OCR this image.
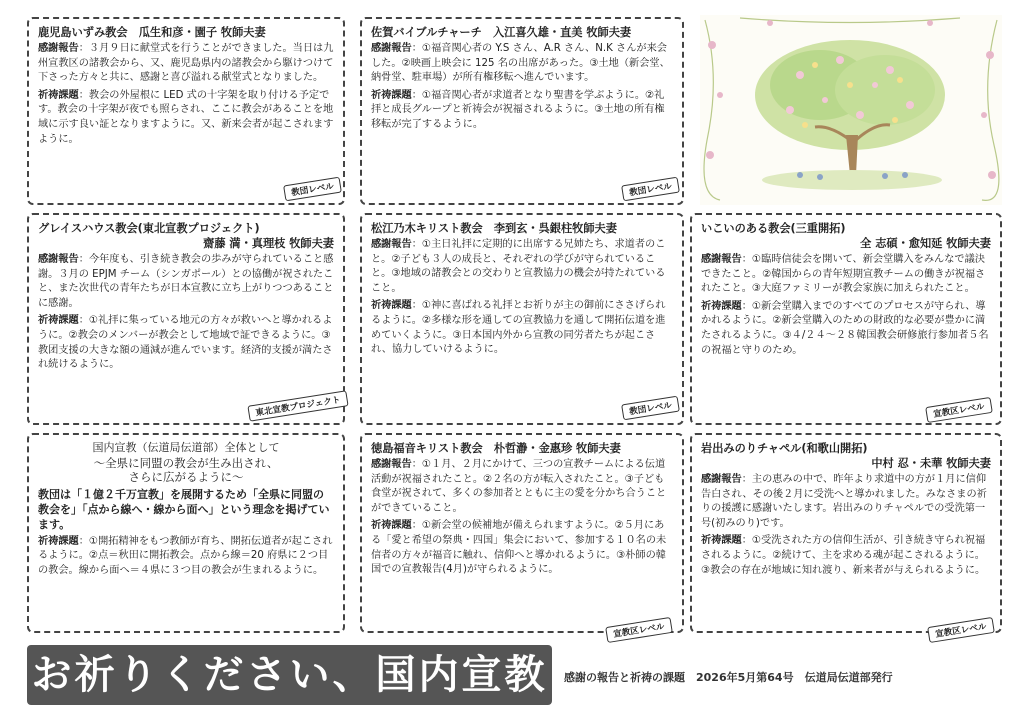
鹿児島いずみ教会　瓜生和彦・園子 牧師夫妻

感謝報告：３月９日に献堂式を行うことができました。当日は九州宣教区の諸教会から、又、鹿児島県内の諸教会から駆けつけて下さった方々と共に、感謝と喜び溢れる献堂式となりました。

祈祷課題：教会の外屋根に LED 式の十字架を取り付ける予定です。教会の十字架が夜でも照らされ、ここに教会があることを地域に示す良い証となりますように。又、新来会者が起こされますように。

教団レベル
佐賀バイブルチャーチ　入江喜久雄・直美 牧師夫妻

感謝報告：①福音関心者の Y.S さん、A.R さん、N.K さんが来会した。②映画上映会に 125 名の出席があった。③土地（新会堂、納骨堂、駐車場）が所有権移転へ進んでいます。

祈祷課題：①福音関心者が求道者となり聖書を学ぶように。②礼拝と成長グループと祈祷会が祝福されるように。③土地の所有権移転が完了するように。

教団レベル
グレイスハウス教会(東北宣教プロジェクト)
齋藤 満・真理枝 牧師夫妻

感謝報告：今年度も、引き続き教会の歩みが守られていること感謝。３月の EPJM チーム（シンガポール）との協働が祝されたこと、また次世代の青年たちが日本宣教に立ち上がりつつあることに感謝。

祈祷課題：①礼拝に集っている地元の方々が救いへと導かれるように。②教会のメンバーが教会として地域で証できるように。③教团支援の大きな額の通減が進んでいます。経済的支援が満たされ続けるように。

東北宣教プロジェクト
松江乃木キリスト教会　李到玄・呉銀柱牧師夫妻

感謝報告：①主日礼拝に定期的に出席する兄姉たち、求道者のこと。②子ども３人の成長と、それぞれの学びが守られていること。③地域の諸教会との交わりと宣教協力の機会が持たれていること。

祈祷課題：①神に喜ばれる礼拝とお祈りが主の御前にささげられるように。②多様な形を通しての宣教協力を通して開拓伝道を進めていくように。③日本国内外から宣教の同労者たちが起こされ、協力していけるように。

教団レベル
いこいのある教会(三重開拓)
全 志碩・愈知延 牧師夫妻

感謝報告：①臨時信徒会を開いて、新会堂購入をみんなで議決できたこと。②韓国からの青年短期宣教チームの働きが祝福されたこと。③大庭ファミリーが教会家族に加えられたこと。

祈祷課題：①新会堂購入までのすべてのプロセスが守られ、導かれるように。②新会堂購入のための財政的な必要が豊かに満たされるように。③４/２４～２８韓国教会研修旅行参加者５名の祝福と守りのため。

宣教区レベル
国内宣教（伝道局伝道部）全体として
～全県に同盟の教会が生み出され、
さらに広がるように～

教団は「１億２千万宣教」を展開するため「全県に同盟の教会を」「点から線へ・線から面へ」という理念を掲げています。

祈祷課題：①開拓精神をもつ教師が育ち、開拓伝道者が起こされるように。②点＝秋田に開拓教会。点から線＝20 府県に２つ目の教会。線から面へ＝４県に３つ目の教会が生まれるように。

徳島福音キリスト教会　朴哲瀞・金惠珍 牧師夫妻

感謝報告：①１月、２月にかけて、三つの宣教チームによる伝道活動が祝福されたこと。②２名の方が転入されたこと。③子ども食堂が祝されて、多くの参加者とともに主の愛を分かち合うことができていること。

祈祷課題：①新会堂の候補地が備えられますように。②５月にある「愛と希望の祭典・四国」集会において、参加する１０名の未信者の方々が福音に触れ、信仰へと導かれるように。③朴師の韓国での宣教報告(4月)が守られるように。

宣教区レベル
岩出みのりチャペル(和歌山開拓)
中村 忍・未華 牧師夫妻

感謝報告：主の恵みの中で、昨年より求道中の方が１月に信仰告白され、その後２月に受洗へと導かれました。みなさまの祈りの援護に感謝いたします。岩出みのりチャペルでの受洗第一号(初みのり)です。

祈祷課題：①受洗された方の信仰生活が、引き続き守られ祝福されるように。②続けて、主を求める魂が起こされるように。③教会の存在が地域に知れ渡り、新来者が与えられるように。

宣教区レベル
お祈りください、国内宣教	感謝の報告と祈祷の課題　2026年5月第64号　伝道局伝道部発行
